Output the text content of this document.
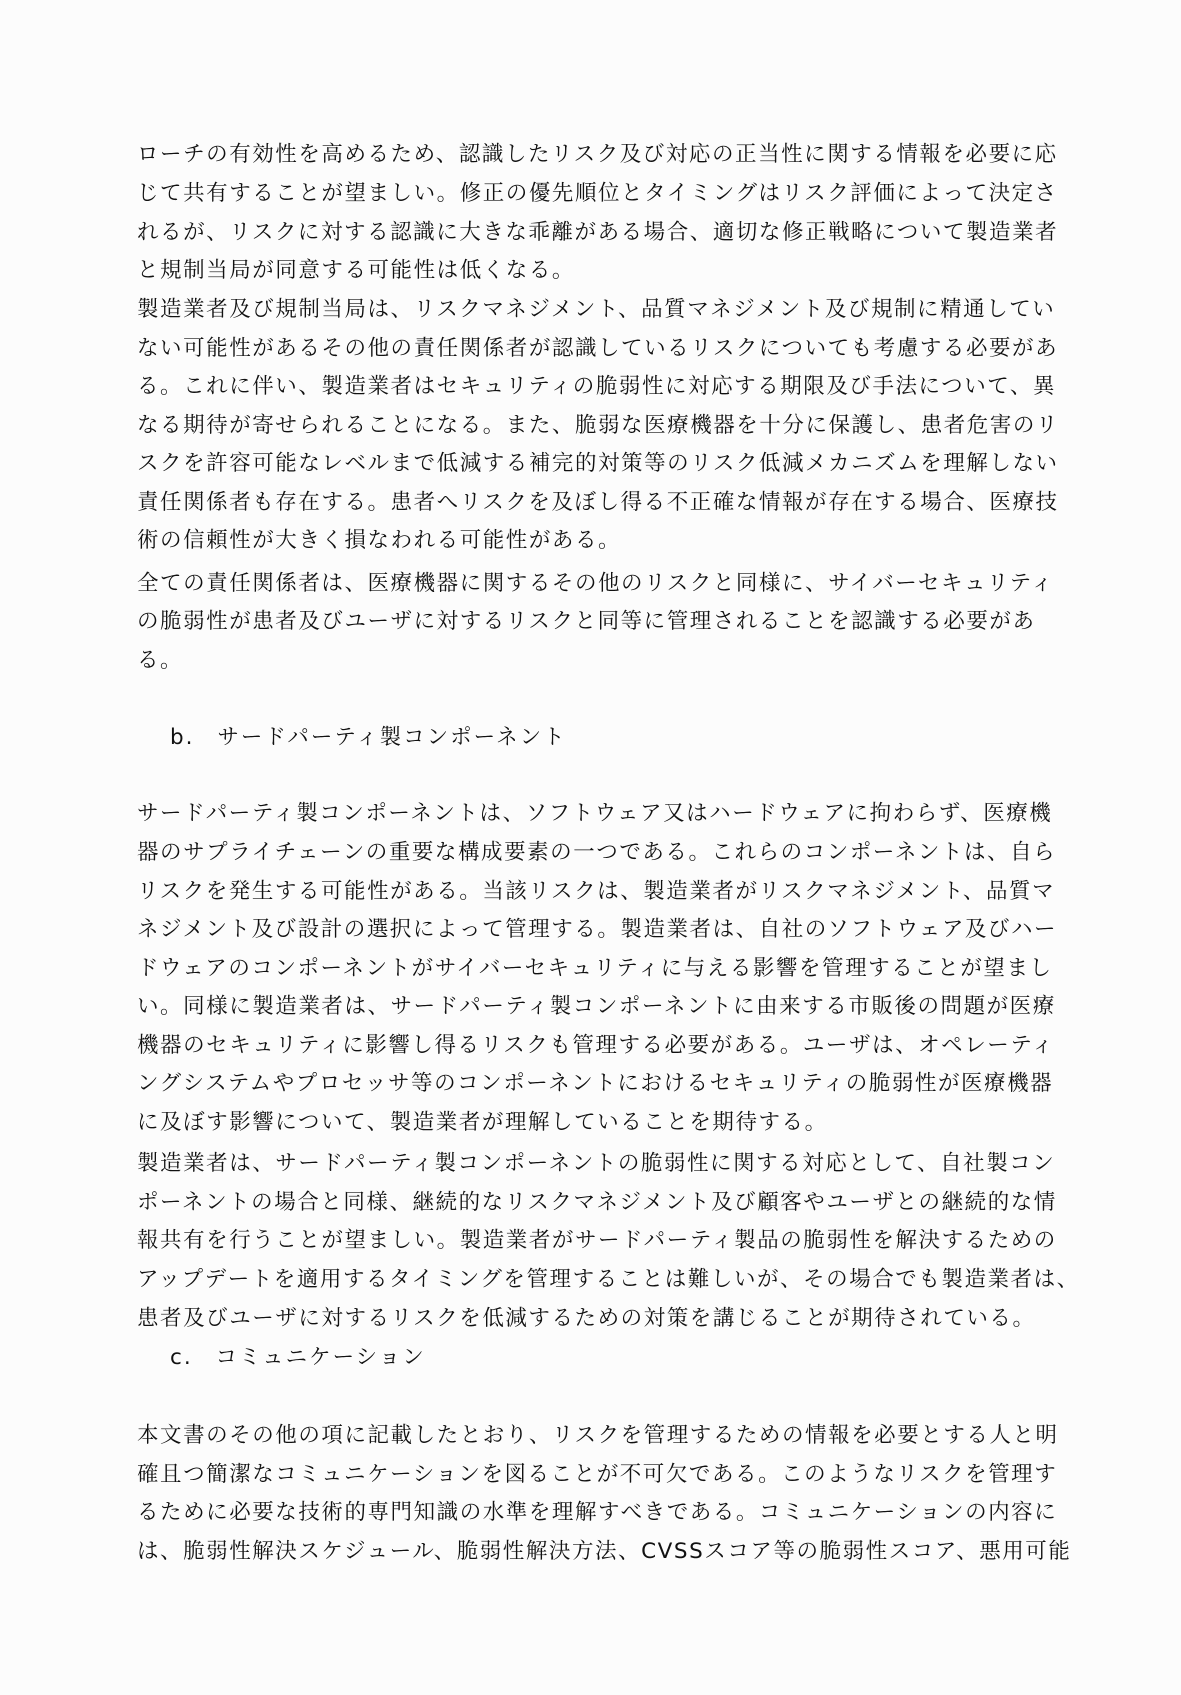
ローチの有効性を高めるため、認識したリスク及び対応の正当性に関する情報を必要に応
じて共有することが望ましい。修正の優先順位とタイミングはリスク評価によって決定さ
れるが、リスクに対する認識に大きな乖離がある場合、適切な修正戦略について製造業者
と規制当局が同意する可能性は低くなる。
製造業者及び規制当局は、リスクマネジメント、品質マネジメント及び規制に精通してい
ない可能性があるその他の責任関係者が認識しているリスクについても考慮する必要があ
る。これに伴い、製造業者はセキュリティの脆弱性に対応する期限及び手法について、異
なる期待が寄せられることになる。また、脆弱な医療機器を十分に保護し、患者危害のリ
スクを許容可能なレベルまで低減する補完的対策等のリスク低減メカニズムを理解しない
責任関係者も存在する。患者へリスクを及ぼし得る不正確な情報が存在する場合、医療技
術の信頼性が大きく損なわれる可能性がある。
全ての責任関係者は、医療機器に関するその他のリスクと同様に、サイバーセキュリティ
の脆弱性が患者及びユーザに対するリスクと同等に管理されることを認識する必要があ
る。
b. サードパーティ製コンポーネント
サードパーティ製コンポーネントは、ソフトウェア又はハードウェアに拘わらず、医療機
器のサプライチェーンの重要な構成要素の一つである。これらのコンポーネントは、自ら
リスクを発生する可能性がある。当該リスクは、製造業者がリスクマネジメント、品質マ
ネジメント及び設計の選択によって管理する。製造業者は、自社のソフトウェア及びハー
ドウェアのコンポーネントがサイバーセキュリティに与える影響を管理することが望まし
い。同様に製造業者は、サードパーティ製コンポーネントに由来する市販後の問題が医療
機器のセキュリティに影響し得るリスクも管理する必要がある。ユーザは、オペレーティ
ングシステムやプロセッサ等のコンポーネントにおけるセキュリティの脆弱性が医療機器
に及ぼす影響について、製造業者が理解していることを期待する。
製造業者は、サードパーティ製コンポーネントの脆弱性に関する対応として、自社製コン
ポーネントの場合と同様、継続的なリスクマネジメント及び顧客やユーザとの継続的な情
報共有を行うことが望ましい。製造業者がサードパーティ製品の脆弱性を解決するための
アップデートを適用するタイミングを管理することは難しいが、その場合でも製造業者は、
患者及びユーザに対するリスクを低減するための対策を講じることが期待されている。
c. コミュニケーション
本文書のその他の項に記載したとおり、リスクを管理するための情報を必要とする人と明
確且つ簡潔なコミュニケーションを図ることが不可欠である。このようなリスクを管理す
るために必要な技術的専門知識の水準を理解すべきである。コミュニケーションの内容に
は、脆弱性解決スケジュール、脆弱性解決方法、CVSSスコア等の脆弱性スコア、悪用可能
